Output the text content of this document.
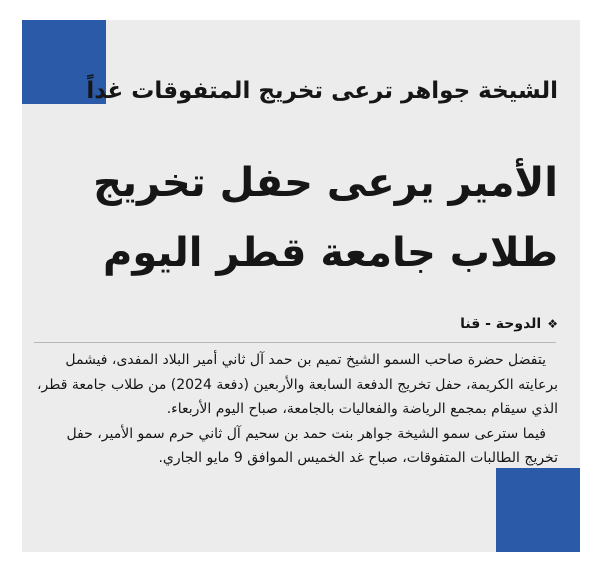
الشيخة جواهر ترعى تخريج المتفوقات غداً
الأمير يرعى حفل تخريج طلاب جامعة قطر اليوم
❖
الدوحة - قنا

يتفضل حضرة صاحب السمو الشيخ تميم بن حمد آل ثاني أمير البلاد المفدى، فيشمل برعايته الكريمة، حفل تخريج الدفعة السابعة والأربعين (دفعة 2024) من طلاب جامعة قطر، الذي سيقام بمجمع الرياضة والفعاليات بالجامعة، صباح اليوم الأربعاء.

فيما سترعى سمو الشيخة جواهر بنت حمد بن سحيم آل ثاني حرم سمو الأمير، حفل تخريج الطالبات المتفوقات، صباح غد الخميس الموافق 9 مايو الجاري.
